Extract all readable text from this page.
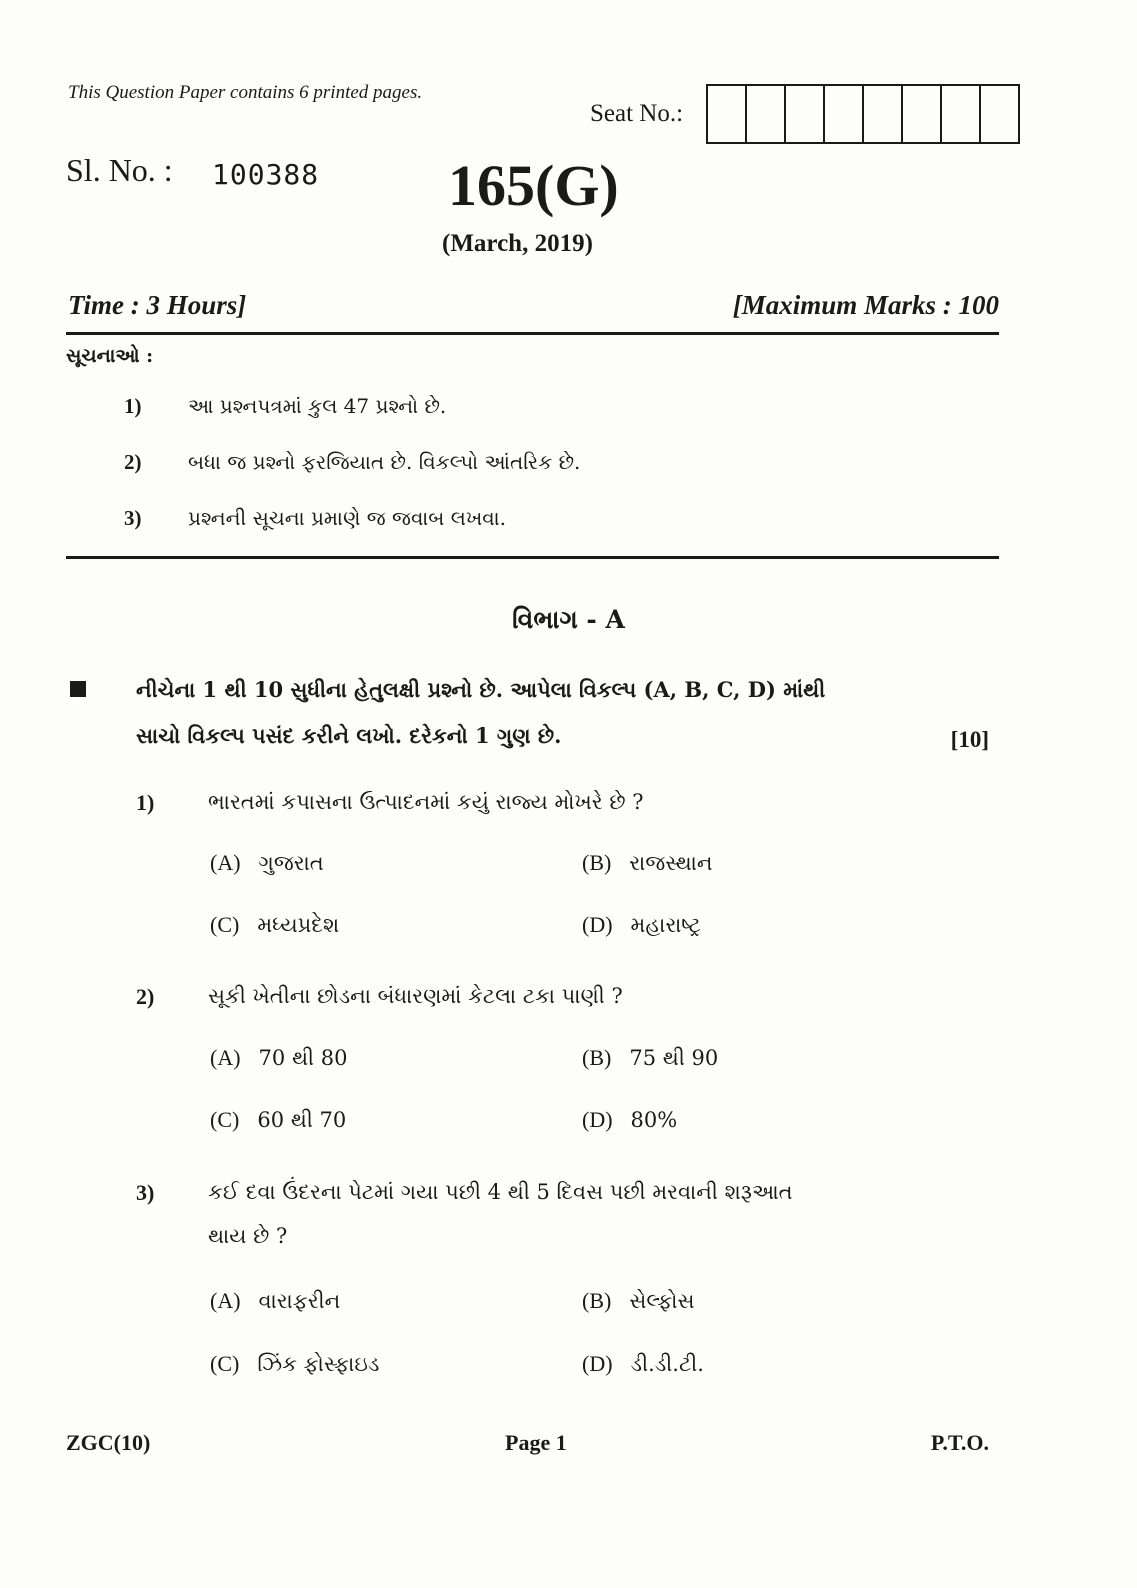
This Question Paper contains 6 printed pages.
Seat No.:
Sl. No. : 100388 165(G)
(March, 2019)
Time : 3 Hours]	[Maximum Marks : 100
સૂચનાઓ :
1) આ પ્રશ્નપત્રમાં કુલ 47 પ્રશ્નો છે.
2) બધા જ પ્રશ્નો ફરજિયાત છે. વિકલ્પો આંતરિક છે.
3) પ્રશ્નની સૂચના પ્રમાણે જ જવાબ લખવા.
વિભાગ - A
નીચેના 1 થી 10 સુધીના હેતુલક્ષી પ્રશ્નો છે. આપેલા વિકલ્પ (A, B, C, D) માંથી
સાચો વિકલ્પ પસંદ કરીને લખો. દરેકનો 1 ગુણ છે.	[10]
1)	ભારતમાં કપાસના ઉત્પાદનમાં કયું રાજ્ય મોખરે છે ?
(A) ગુજરાત	(B) રાજસ્થાન
(C) મધ્યપ્રદેશ	(D) મહારાષ્ટ્ર
2)	સૂકી ખેતીના છોડના બંધારણમાં કેટલા ટકા પાણી ?
(A) 70 થી 80	(B) 75 થી 90
(C) 60 થી 70	(D) 80%
3)	કઈ દવા ઉંદરના પેટમાં ગયા પછી 4 થી 5 દિવસ પછી મરવાની શરૂઆત
થાય છે ?
(A) વારાફરીન	(B) સેલ્ફોસ
(C) ઝિંક ફોસ્ફાઇડ	(D) ડી.ડી.ટી.
ZGC(10)	Page 1	P.T.O.
